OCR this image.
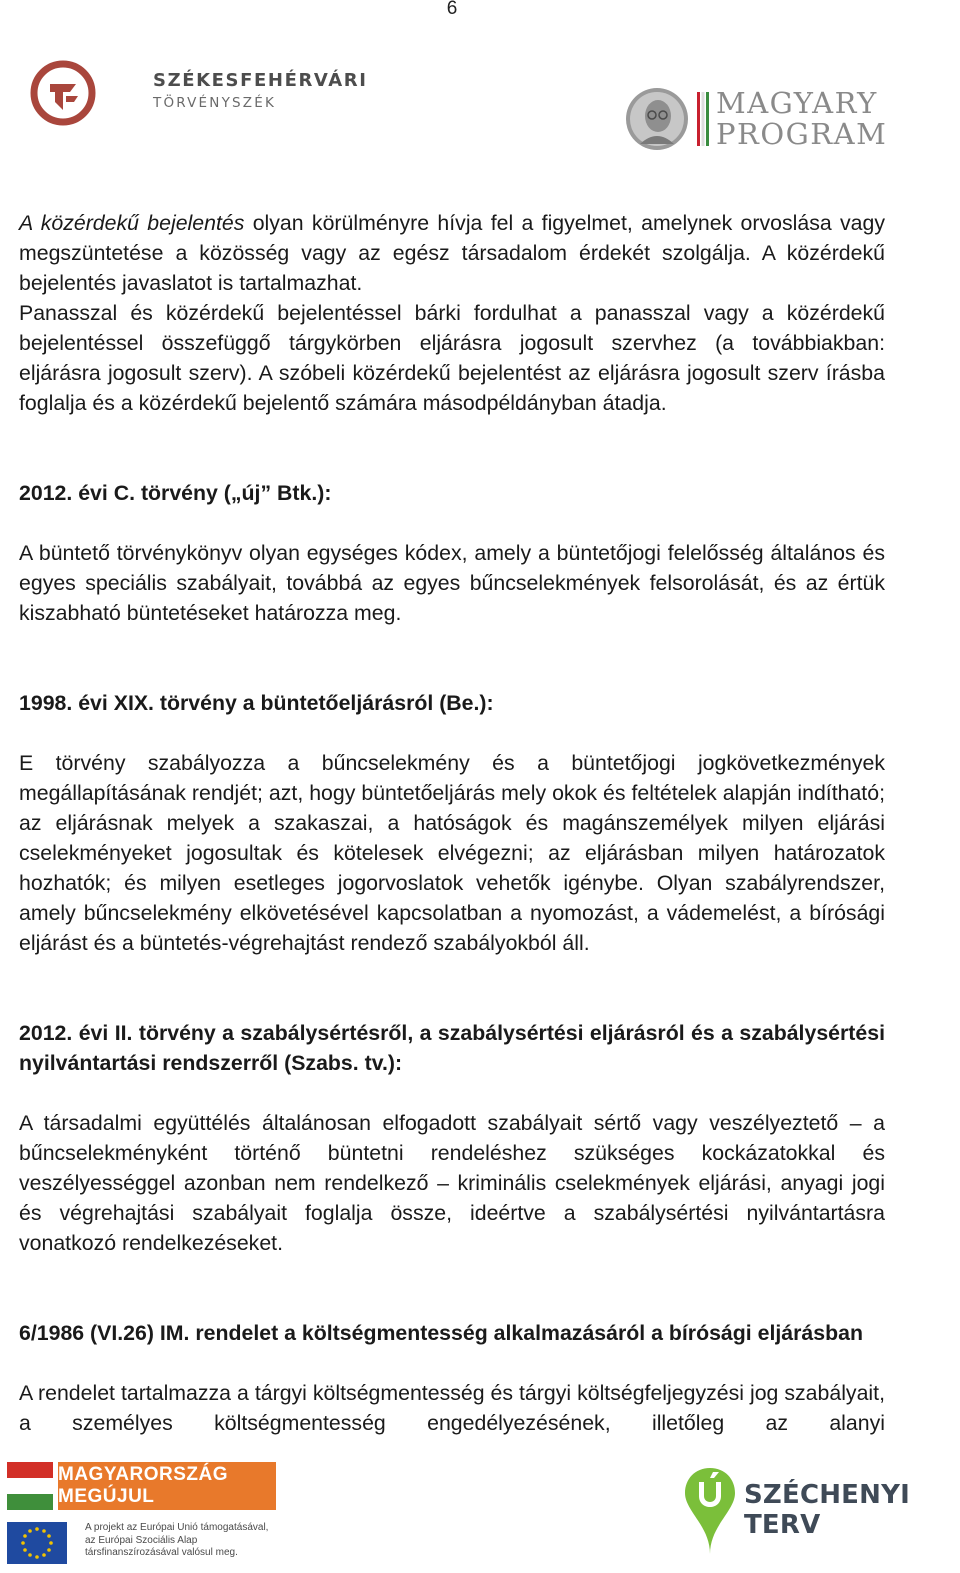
6
SZÉKESFEHÉRVÁRI
TÖRVÉNYSZÉK	MAGYARY
PROGRAM

A közérdekű bejelentés olyan körülményre hívja fel a figyelmet, amelynek orvoslása vagy megszüntetése a közösség vagy az egész társadalom érdekét szolgálja. A közérdekű bejelentés javaslatot is tartalmazhat.

Panasszal és közérdekű bejelentéssel bárki fordulhat a panasszal vagy a közérdekű bejelentéssel összefüggő tárgykörben eljárásra jogosult szervhez (a továbbiakban: eljárásra jogosult szerv). A szóbeli közérdekű bejelentést az eljárásra jogosult szerv írásba foglalja és a közérdekű bejelentő számára másodpéldányban átadja.

2012. évi C. törvény („új” Btk.):

A büntető törvénykönyv olyan egységes kódex, amely a büntetőjogi felelősség általános és egyes speciális szabályait, továbbá az egyes bűncselekmények felsorolását, és az értük kiszabható büntetéseket határozza meg.

1998. évi XIX. törvény a büntetőeljárásról (Be.):

E törvény szabályozza a bűncselekmény és a büntetőjogi jogkövetkezmények megállapításának rendjét; azt, hogy büntetőeljárás mely okok és feltételek alapján indítható; az eljárásnak melyek a szakaszai, a hatóságok és magánszemélyek milyen eljárási cselekményeket jogosultak és kötelesek elvégezni; az eljárásban milyen határozatok hozhatók; és milyen esetleges jogorvoslatok vehetők igénybe. Olyan szabályrendszer, amely bűncselekmény elkövetésével kapcsolatban a nyomozást, a vádemelést, a bírósági eljárást és a büntetés-végrehajtást rendező szabályokból áll.

2012. évi II. törvény a szabálysértésről, a szabálysértési eljárásról és a szabálysértési nyilvántartási rendszerről (Szabs. tv.):

A társadalmi együttélés általánosan elfogadott szabályait sértő vagy veszélyeztető – a bűncselekményként történő büntetni rendeléshez szükséges kockázatokkal és veszélyességgel azonban nem rendelkező – kriminális cselekmények eljárási, anyagi jogi és végrehajtási szabályait foglalja össze, ideértve a szabálysértési nyilvántartásra vonatkozó rendelkezéseket.

6/1986 (VI.26) IM. rendelet a költségmentesség alkalmazásáról a bírósági eljárásban

A rendelet tartalmazza a tárgyi költségmentesség és tárgyi költségfeljegyzési jog szabályait, a személyes költségmentesség engedélyezésének, illetőleg az alanyi

MAGYARORSZÁG MEGÚJUL
A projekt az Európai Unió támogatásával,
az Európai Szociális Alap
társfinanszírozásával valósul meg.
SZÉCHENYI TERV
